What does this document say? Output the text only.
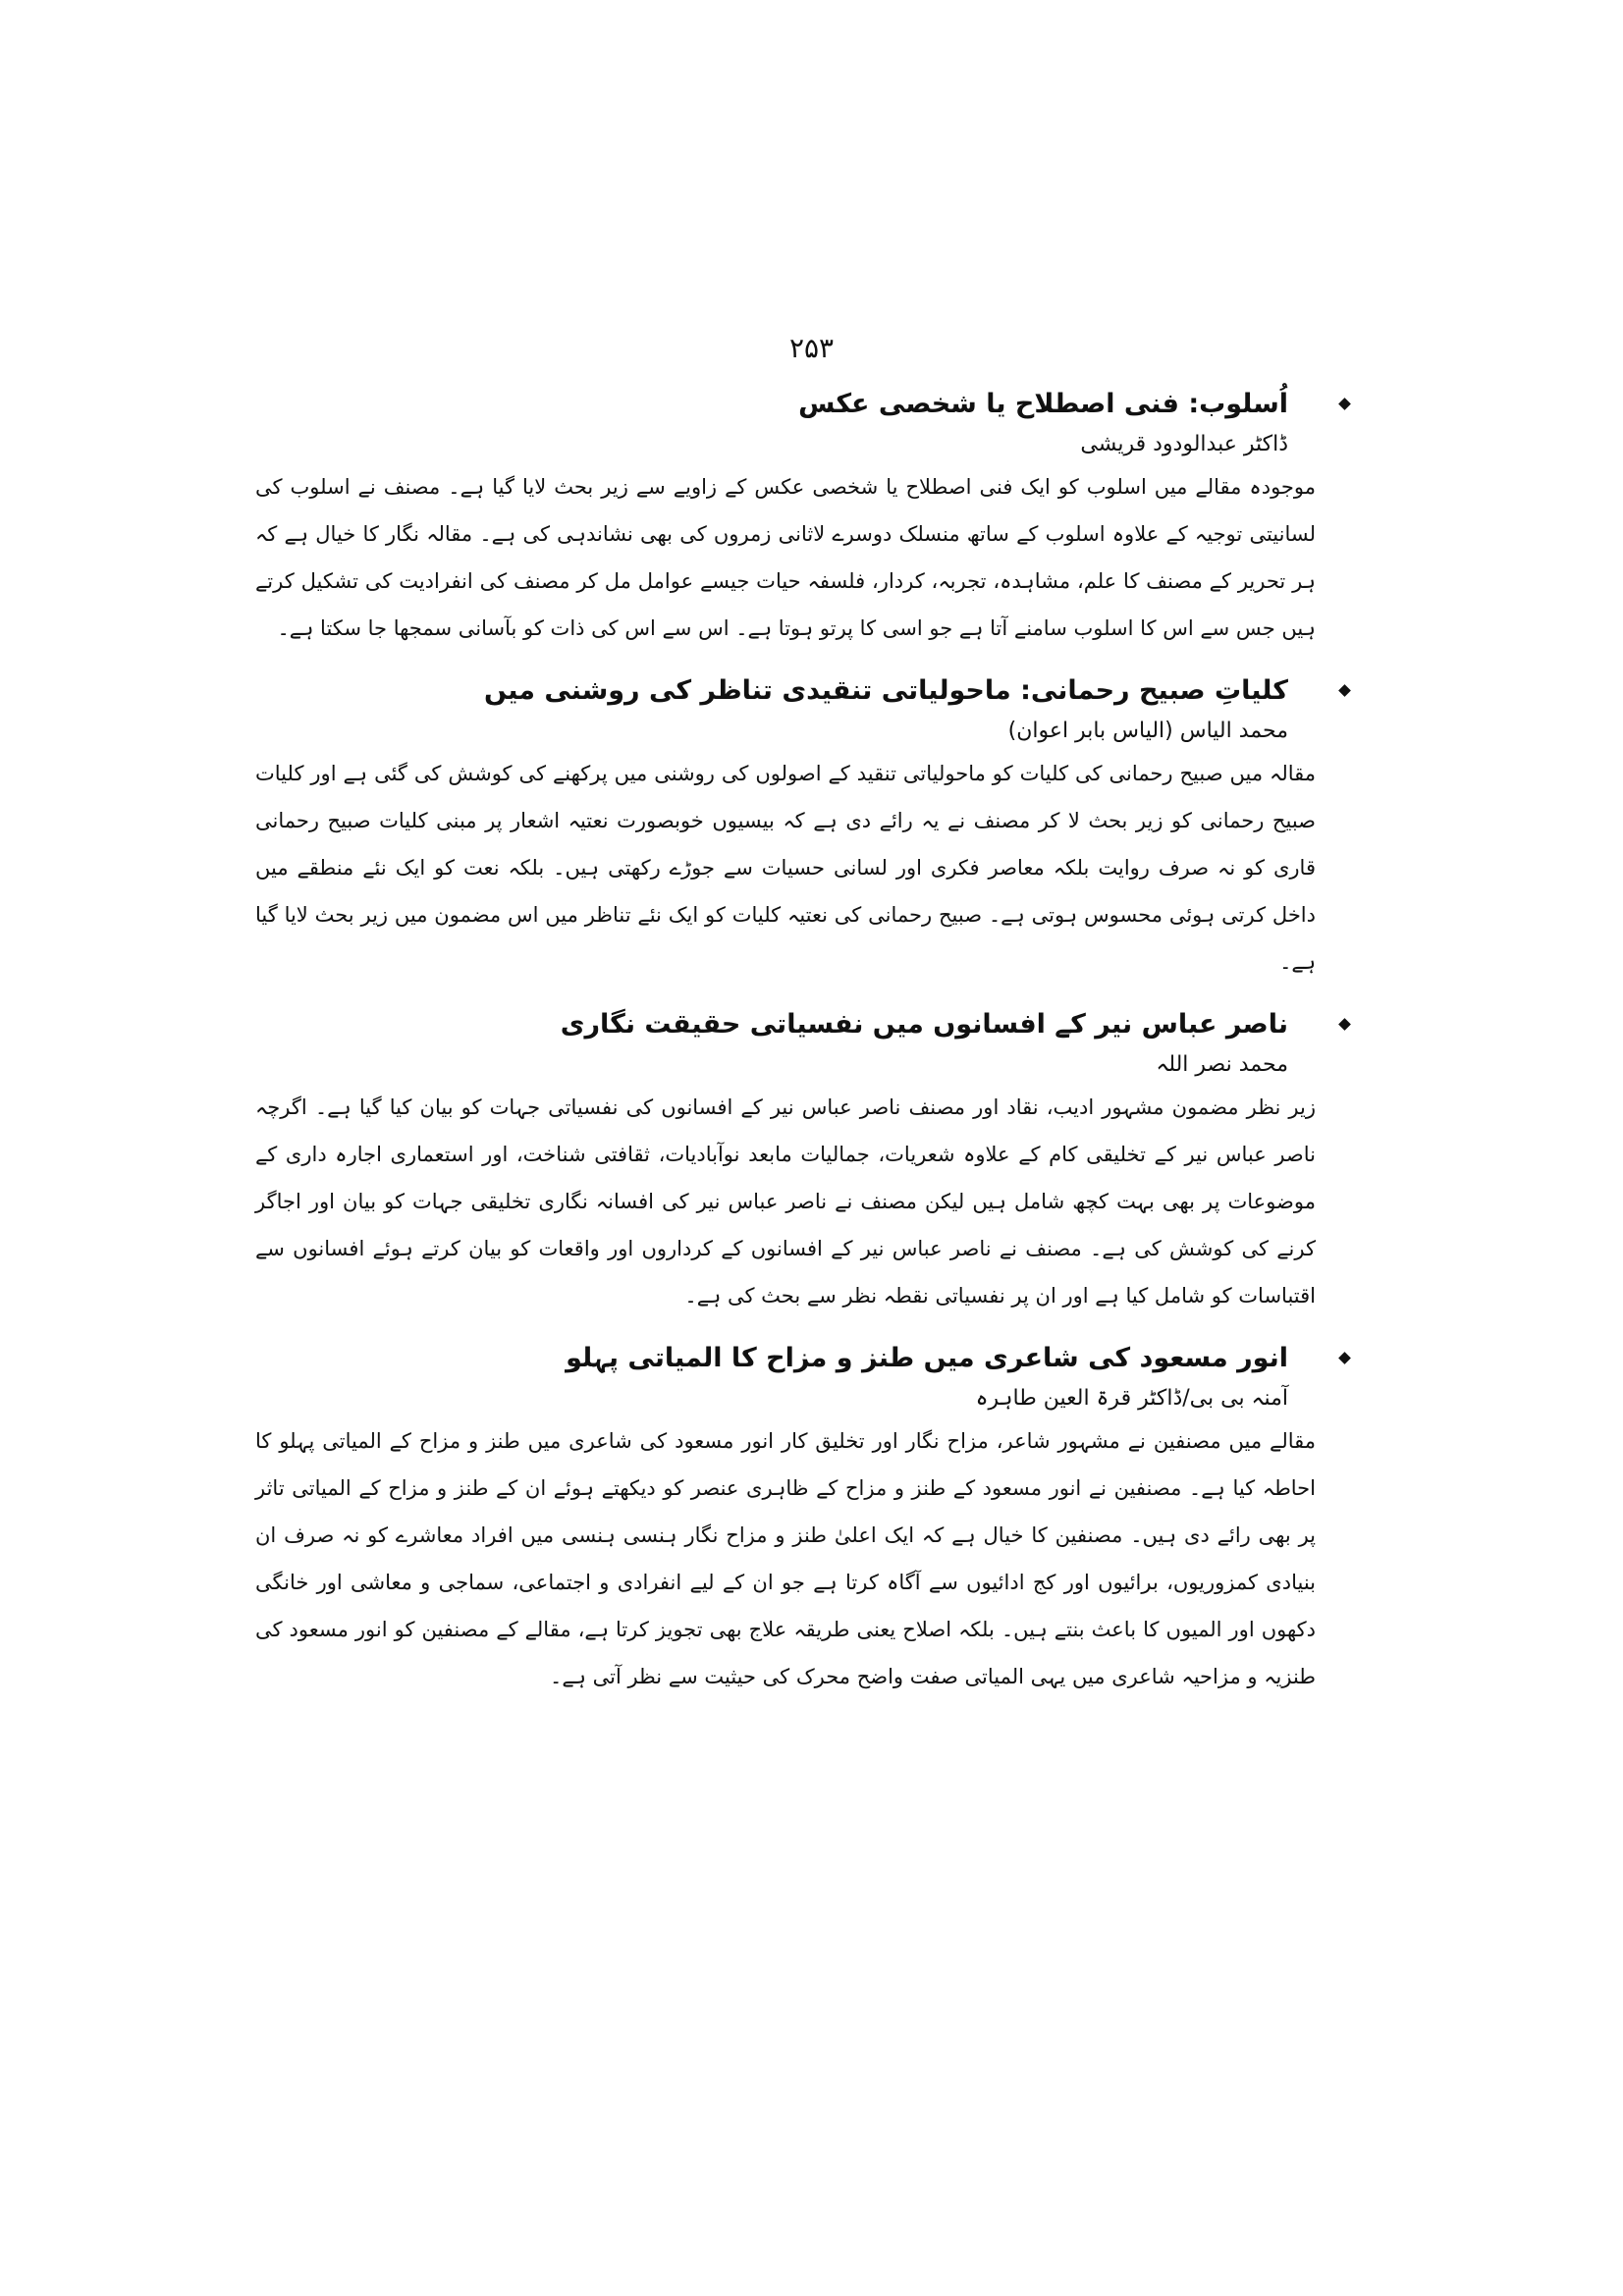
۲۵۳
اُسلوب: فنی اصطلاح یا شخصی عکس
ڈاکٹر عبدالودود قریشی
موجودہ مقالے میں اسلوب کو ایک فنی اصطلاح یا شخصی عکس کے زاویے سے زیر بحث لایا گیا ہے۔ مصنف نے اسلوب کی لسانیتی توجیہ کے علاوہ اسلوب کے ساتھ منسلک دوسرے لاثانی زمروں کی بھی نشاندہی کی ہے۔ مقالہ نگار کا خیال ہے کہ ہر تحریر کے مصنف کا علم، مشاہدہ، تجربہ، کردار، فلسفہ حیات جیسے عوامل مل کر مصنف کی انفرادیت کی تشکیل کرتے ہیں جس سے اس کا اسلوب سامنے آتا ہے جو اسی کا پرتو ہوتا ہے۔ اس سے اس کی ذات کو بآسانی سمجھا جا سکتا ہے۔
کلیاتِ صبیح رحمانی: ماحولیاتی تنقیدی تناظر کی روشنی میں
محمد الیاس (الیاس بابر اعوان)
مقالہ میں صبیح رحمانی کی کلیات کو ماحولیاتی تنقید کے اصولوں کی روشنی میں پرکھنے کی کوشش کی گئی ہے اور کلیات صبیح رحمانی کو زیر بحث لا کر مصنف نے یہ رائے دی ہے کہ بیسیوں خوبصورت نعتیہ اشعار پر مبنی کلیات صبیح رحمانی قاری کو نہ صرف روایت بلکہ معاصر فکری اور لسانی حسیات سے جوڑے رکھتی ہیں۔ بلکہ نعت کو ایک نئے منطقے میں داخل کرتی ہوئی محسوس ہوتی ہے۔ صبیح رحمانی کی نعتیہ کلیات کو ایک نئے تناظر میں اس مضمون میں زیر بحث لایا گیا ہے۔
ناصر عباس نیر کے افسانوں میں نفسیاتی حقیقت نگاری
محمد نصر اللہ
زیر نظر مضمون مشہور ادیب، نقاد اور مصنف ناصر عباس نیر کے افسانوں کی نفسیاتی جہات کو بیان کیا گیا ہے۔ اگرچہ ناصر عباس نیر کے تخلیقی کام کے علاوہ شعریات، جمالیات مابعد نوآبادیات، ثقافتی شناخت، اور استعماری اجارہ داری کے موضوعات پر بھی بہت کچھ شامل ہیں لیکن مصنف نے ناصر عباس نیر کی افسانہ نگاری تخلیقی جہات کو بیان اور اجاگر کرنے کی کوشش کی ہے۔ مصنف نے ناصر عباس نیر کے افسانوں کے کرداروں اور واقعات کو بیان کرتے ہوئے افسانوں سے اقتباسات کو شامل کیا ہے اور ان پر نفسیاتی نقطہ نظر سے بحث کی ہے۔
انور مسعود کی شاعری میں طنز و مزاح کا المیاتی پہلو
آمنہ بی بی/ڈاکٹر قرۃ العین طاہرہ
مقالے میں مصنفین نے مشہور شاعر، مزاح نگار اور تخلیق کار انور مسعود کی شاعری میں طنز و مزاح کے المیاتی پہلو کا احاطہ کیا ہے۔ مصنفین نے انور مسعود کے طنز و مزاح کے ظاہری عنصر کو دیکھتے ہوئے ان کے طنز و مزاح کے المیاتی تاثر پر بھی رائے دی ہیں۔ مصنفین کا خیال ہے کہ ایک اعلیٰ طنز و مزاح نگار ہنسی ہنسی میں افراد معاشرے کو نہ صرف ان بنیادی کمزوریوں، برائیوں اور کج ادائیوں سے آگاہ کرتا ہے جو ان کے لیے انفرادی و اجتماعی، سماجی و معاشی اور خانگی دکھوں اور المیوں کا باعث بنتے ہیں۔ بلکہ اصلاح یعنی طریقہ علاج بھی تجویز کرتا ہے، مقالے کے مصنفین کو انور مسعود کی طنزیہ و مزاحیہ شاعری میں یہی المیاتی صفت واضح محرک کی حیثیت سے نظر آتی ہے۔
